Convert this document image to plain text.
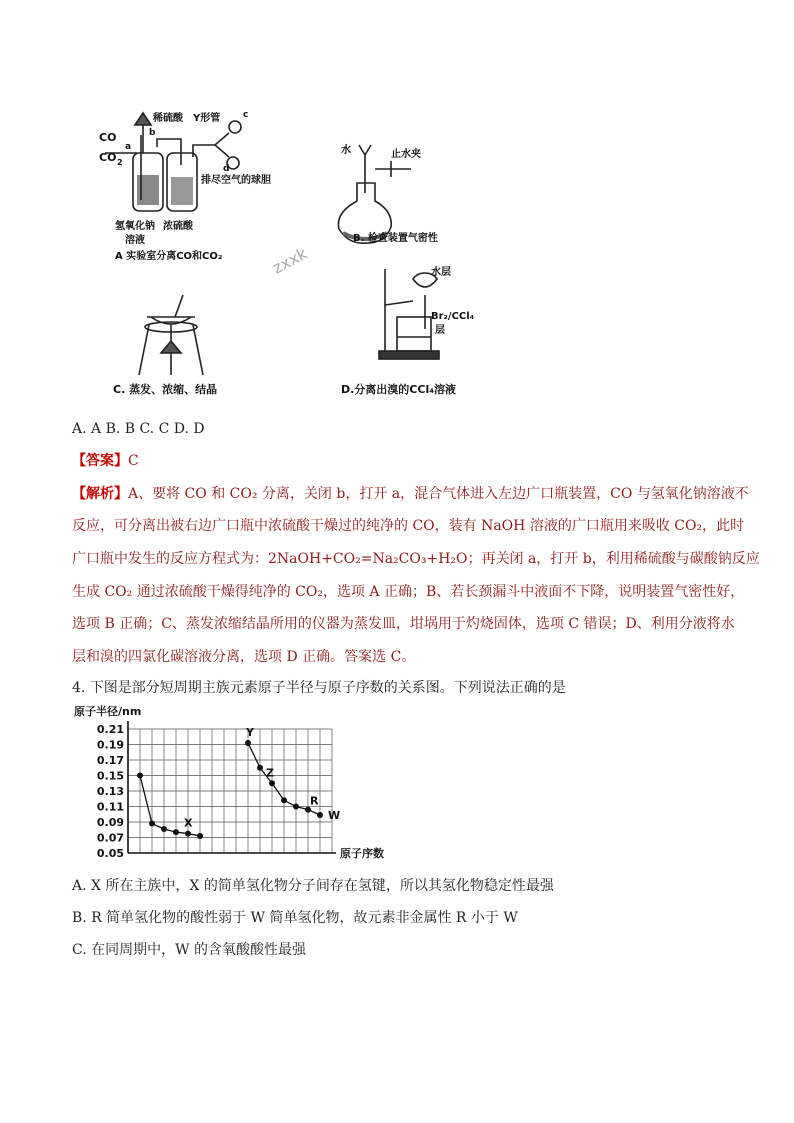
CO
CO 2
a
b
稀硫酸 Y形管	c
d
排尽空气的球胆
氢氧化钠 浓硫酸
溶液
A 实验室分离CO和CO₂
水	止水夹
B. 检查装置气密性
zxxk
C. 蒸发、浓缩、结晶
水层
Br₂/CCl₄
层
D.分离出溴的CCl₄溶液
A. A B. B C. C D. D
【答案】C
【解析】A、要将 CO 和 CO₂ 分离，关闭 b，打开 a，混合气体进入左边广口瓶装置，CO 与氢氧化钠溶液不
反应，可分离出被右边广口瓶中浓硫酸干燥过的纯净的 CO，装有 NaOH 溶液的广口瓶用来吸收 CO₂，此时
广口瓶中发生的反应方程式为：2NaOH+CO₂=Na₂CO₃+H₂O；再关闭 a，打开 b，利用稀硫酸与碳酸钠反应
生成 CO₂ 通过浓硫酸干燥得纯净的 CO₂，选项 A 正确；B、若长颈漏斗中液面不下降，说明装置气密性好，
选项 B 正确；C、蒸发浓缩结晶所用的仪器为蒸发皿，坩埚用于灼烧固体，选项 C 错误；D、利用分液将水
层和溴的四氯化碳溶液分离，选项 D 正确。答案选 C。
4. 下图是部分短周期主族元素原子半径与原子序数的关系图。下列说法正确的是
0.21
0.19
0.17
0.15
0.13
0.11
0.09
0.07
0.05
原子半径/nm
原子序数
X
Y
Z
R
W
A. X 所在主族中，X 的简单氢化物分子间存在氢键，所以其氢化物稳定性最强
B. R 简单氢化物的酸性弱于 W 简单氢化物，故元素非金属性 R 小于 W
C. 在同周期中，W 的含氧酸酸性最强
